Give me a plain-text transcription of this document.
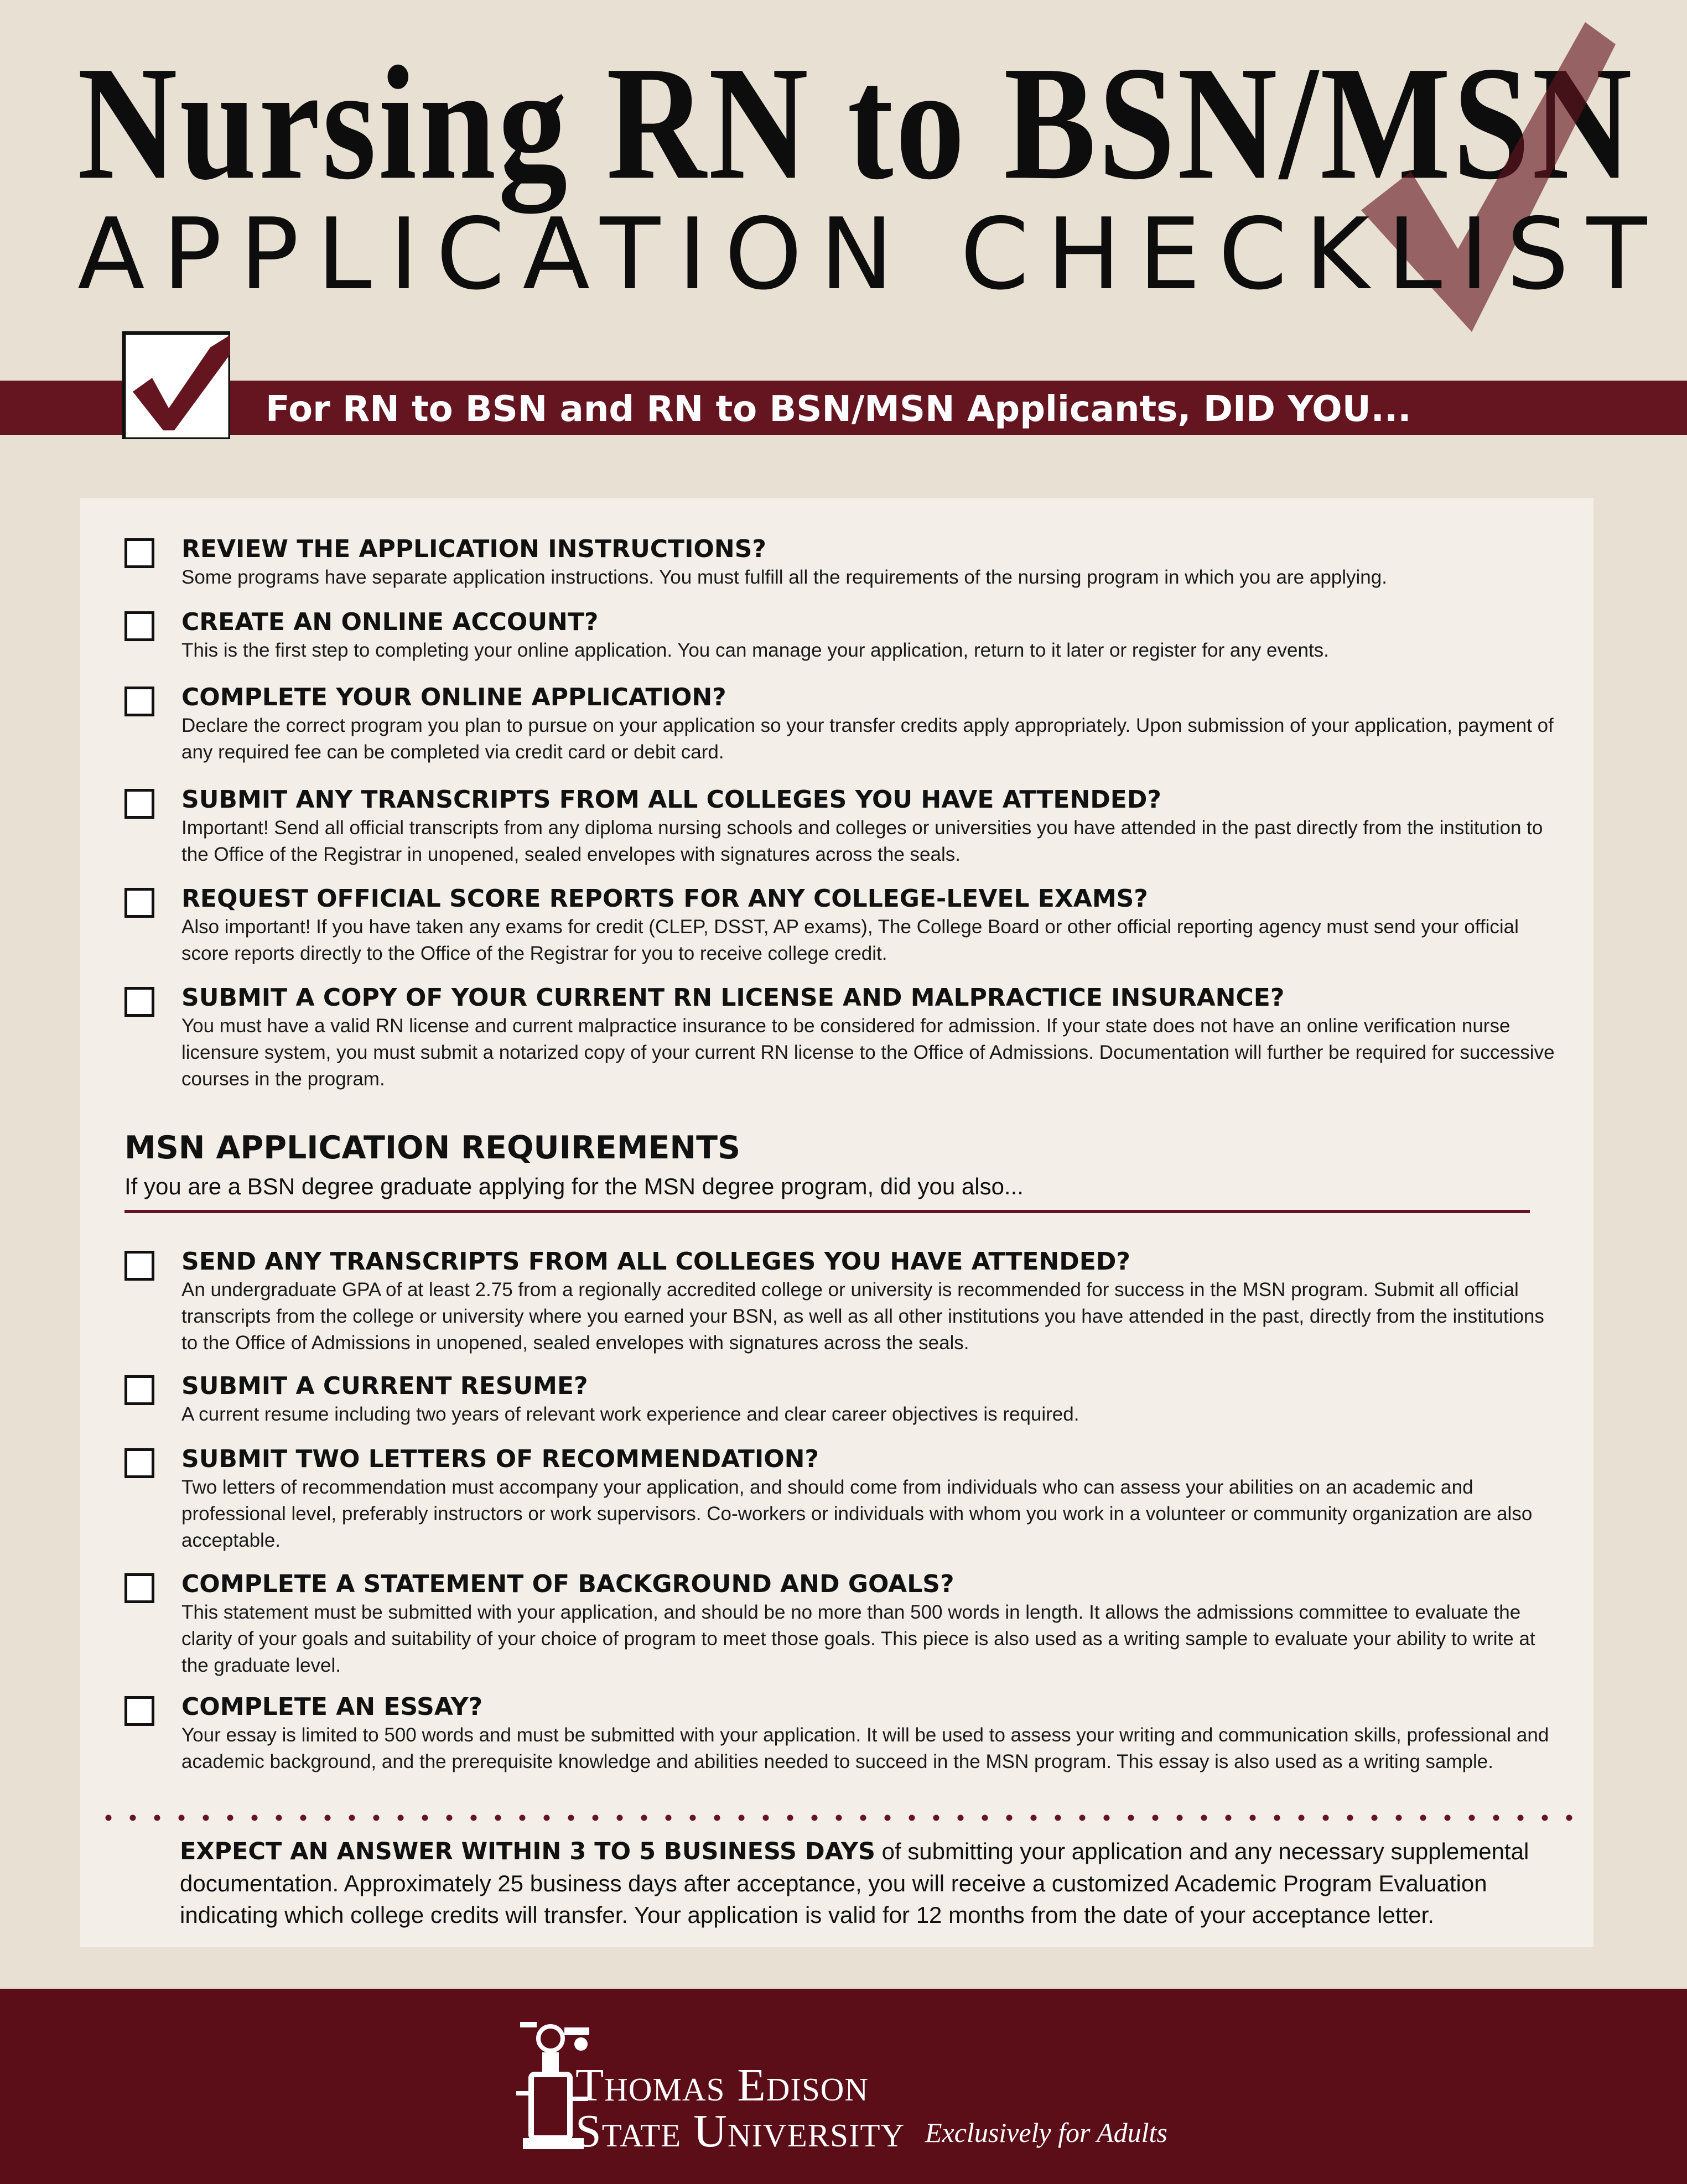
Nursing RN to BSN/MSN
APPLICATION CHECKLIST
For RN to BSN and RN to BSN/MSN Applicants, DID YOU...
REVIEW THE APPLICATION INSTRUCTIONS?
Some programs have separate application instructions. You must fulfill all the requirements of the nursing program in which you are applying.
CREATE AN ONLINE ACCOUNT?
This is the first step to completing your online application. You can manage your application, return to it later or register for any events.
COMPLETE YOUR ONLINE APPLICATION?
Declare the correct program you plan to pursue on your application so your transfer credits apply appropriately. Upon submission of your application, payment of any required fee can be completed via credit card or debit card.
SUBMIT ANY TRANSCRIPTS FROM ALL COLLEGES YOU HAVE ATTENDED?
Important! Send all official transcripts from any diploma nursing schools and colleges or universities you have attended in the past directly from the institution to the Office of the Registrar in unopened, sealed envelopes with signatures across the seals.
REQUEST OFFICIAL SCORE REPORTS FOR ANY COLLEGE-LEVEL EXAMS?
Also important! If you have taken any exams for credit (CLEP, DSST, AP exams), The College Board or other official reporting agency must send your official score reports directly to the Office of the Registrar for you to receive college credit.
SUBMIT A COPY OF YOUR CURRENT RN LICENSE AND MALPRACTICE INSURANCE?
You must have a valid RN license and current malpractice insurance to be considered for admission. If your state does not have an online verification nurse licensure system, you must submit a notarized copy of your current RN license to the Office of Admissions. Documentation will further be required for successive courses in the program.
MSN APPLICATION REQUIREMENTS
If you are a BSN degree graduate applying for the MSN degree program, did you also...
SEND ANY TRANSCRIPTS FROM ALL COLLEGES YOU HAVE ATTENDED?
An undergraduate GPA of at least 2.75 from a regionally accredited college or university is recommended for success in the MSN program. Submit all official transcripts from the college or university where you earned your BSN, as well as all other institutions you have attended in the past, directly from the institutions to the Office of Admissions in unopened, sealed envelopes with signatures across the seals.
SUBMIT A CURRENT RESUME?
A current resume including two years of relevant work experience and clear career objectives is required.
SUBMIT TWO LETTERS OF RECOMMENDATION?
Two letters of recommendation must accompany your application, and should come from individuals who can assess your abilities on an academic and professional level, preferably instructors or work supervisors. Co-workers or individuals with whom you work in a volunteer or community organization are also acceptable.
COMPLETE A STATEMENT OF BACKGROUND AND GOALS?
This statement must be submitted with your application, and should be no more than 500 words in length. It allows the admissions committee to evaluate the clarity of your goals and suitability of your choice of program to meet those goals. This piece is also used as a writing sample to evaluate your ability to write at the graduate level.
COMPLETE AN ESSAY?
Your essay is limited to 500 words and must be submitted with your application. It will be used to assess your writing and communication skills, professional and academic background, and the prerequisite knowledge and abilities needed to succeed in the MSN program. This essay is also used as a writing sample.
EXPECT AN ANSWER WITHIN 3 TO 5 BUSINESS DAYS of submitting your application and any necessary supplemental documentation. Approximately 25 business days after acceptance, you will receive a customized Academic Program Evaluation indicating which college credits will transfer. Your application is valid for 12 months from the date of your acceptance letter.
Thomas Edison
State University Exclusively for Adults
